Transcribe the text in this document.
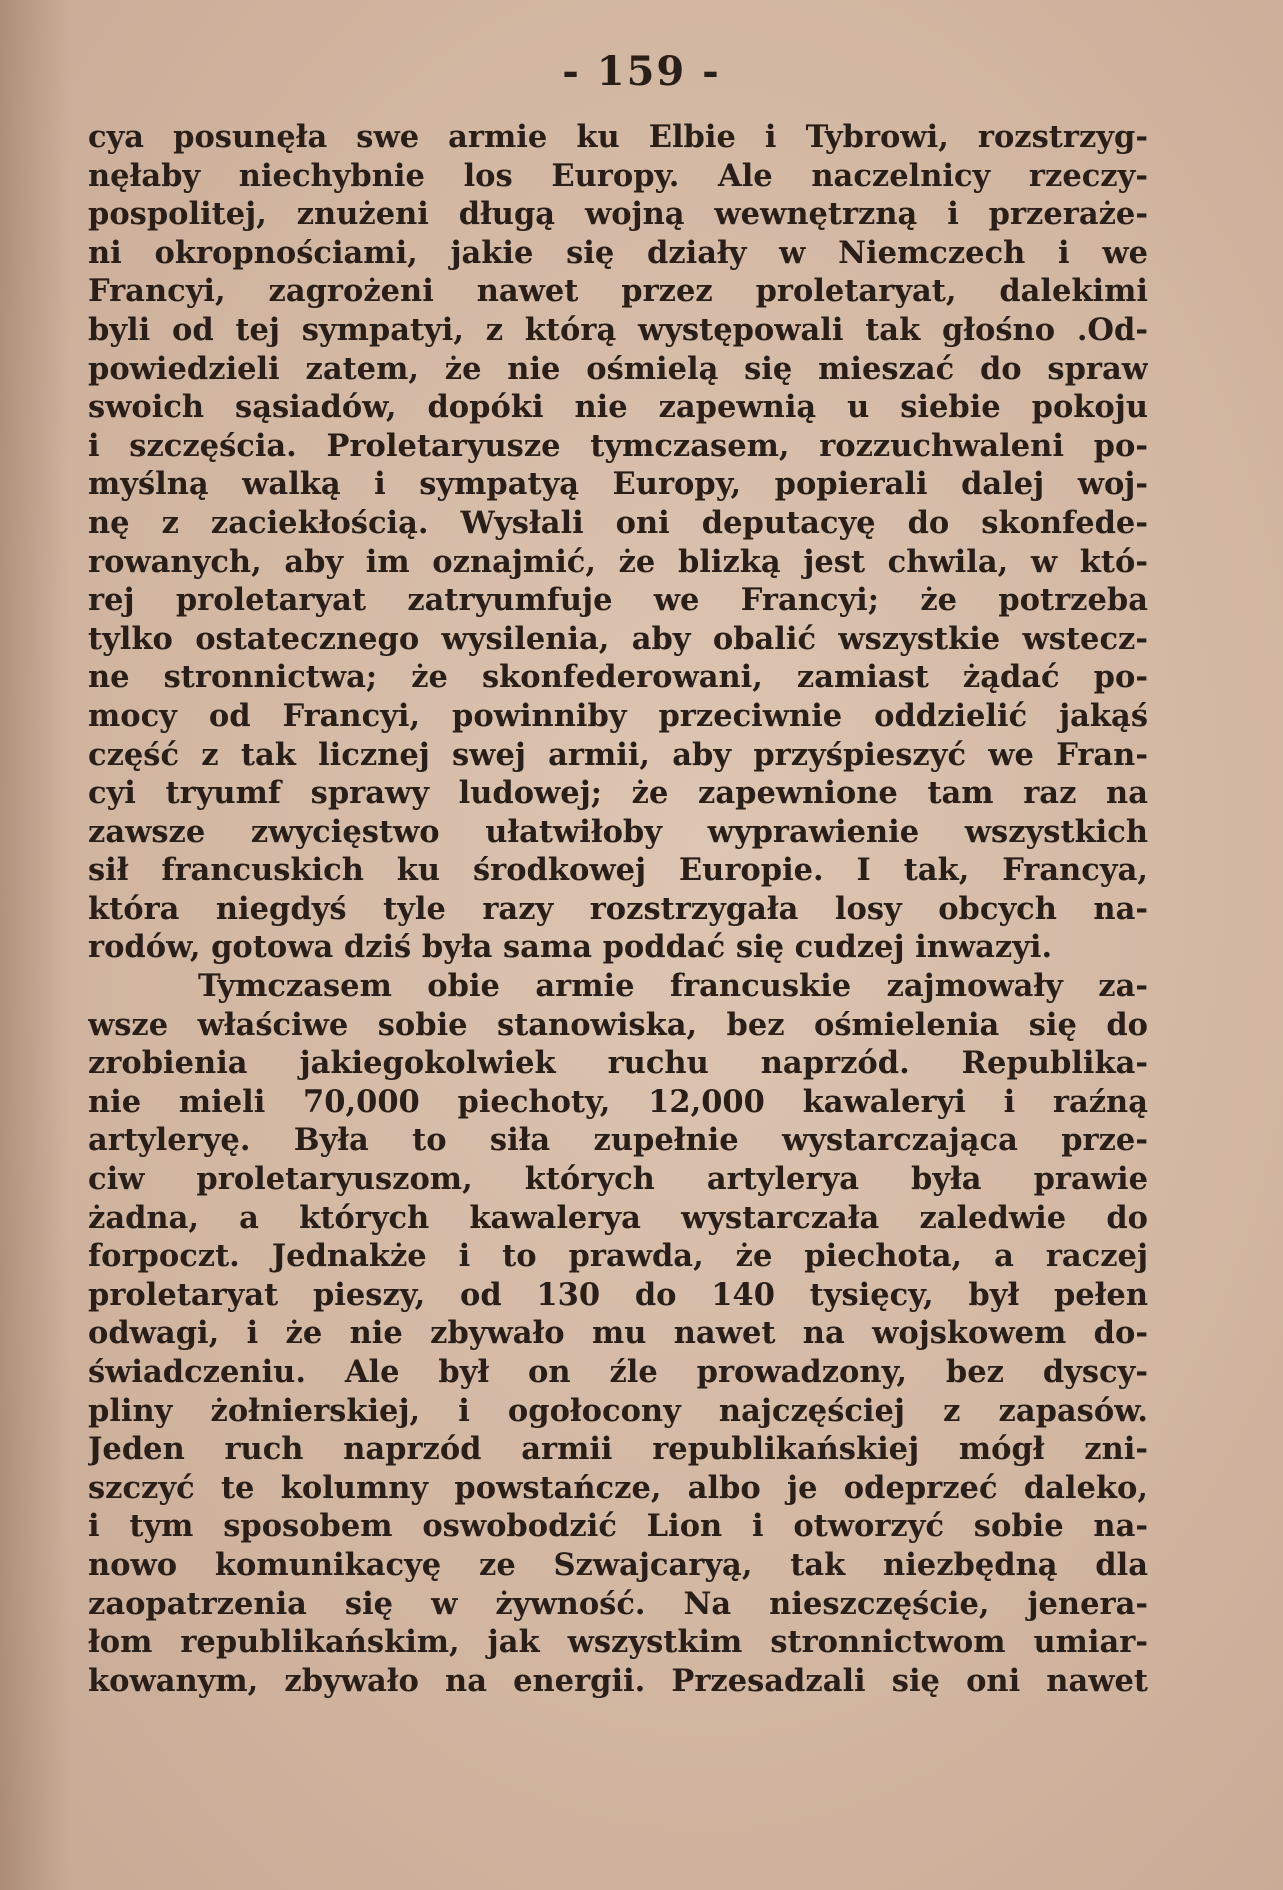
- 159 -
cya posunęła swe armie ku Elbie i Tybrowi, rozstrzyg-
nęłaby niechybnie los Europy. Ale naczelnicy rzeczy-
pospolitej, znużeni długą wojną wewnętrzną i przeraże-
ni okropnościami, jakie się działy w Niemczech i we
Francyi, zagrożeni nawet przez proletaryat, dalekimi
byli od tej sympatyi, z którą występowali tak głośno .Od-
powiedzieli zatem, że nie ośmielą się mieszać do spraw
swoich sąsiadów, dopóki nie zapewnią u siebie pokoju
i szczęścia. Proletaryusze tymczasem, rozzuchwaleni po-
myślną walką i sympatyą Europy, popierali dalej woj-
nę z zaciekłością. Wysłali oni deputacyę do skonfede-
rowanych, aby im oznajmić, że blizką jest chwila, w któ-
rej proletaryat zatryumfuje we Francyi; że potrzeba
tylko ostatecznego wysilenia, aby obalić wszystkie wstecz-
ne stronnictwa; że skonfederowani, zamiast żądać po-
mocy od Francyi, powinniby przeciwnie oddzielić jakąś
część z tak licznej swej armii, aby przyśpieszyć we Fran-
cyi tryumf sprawy ludowej; że zapewnione tam raz na
zawsze zwycięstwo ułatwiłoby wyprawienie wszystkich
sił francuskich ku środkowej Europie. I tak, Francya,
która niegdyś tyle razy rozstrzygała losy obcych na-
rodów, gotowa dziś była sama poddać się cudzej inwazyi.
Tymczasem obie armie francuskie zajmowały za-
wsze właściwe sobie stanowiska, bez ośmielenia się do
zrobienia jakiegokolwiek ruchu naprzód. Republika-
nie mieli 70,000 piechoty, 12,000 kawaleryi i raźną
artyleryę. Była to siła zupełnie wystarczająca prze-
ciw proletaryuszom, których artylerya była prawie
żadna, a których kawalerya wystarczała zaledwie do
forpoczt. Jednakże i to prawda, że piechota, a raczej
proletaryat pieszy, od 130 do 140 tysięcy, był pełen
odwagi, i że nie zbywało mu nawet na wojskowem do-
świadczeniu. Ale był on źle prowadzony, bez dyscy-
pliny żołnierskiej, i ogołocony najczęściej z zapasów.
Jeden ruch naprzód armii republikańskiej mógł zni-
szczyć te kolumny powstańcze, albo je odeprzeć daleko,
i tym sposobem oswobodzić Lion i otworzyć sobie na-
nowo komunikacyę ze Szwajcaryą, tak niezbędną dla
zaopatrzenia się w żywność. Na nieszczęście, jenera-
łom republikańskim, jak wszystkim stronnictwom umiar-
kowanym, zbywało na energii. Przesadzali się oni nawet
